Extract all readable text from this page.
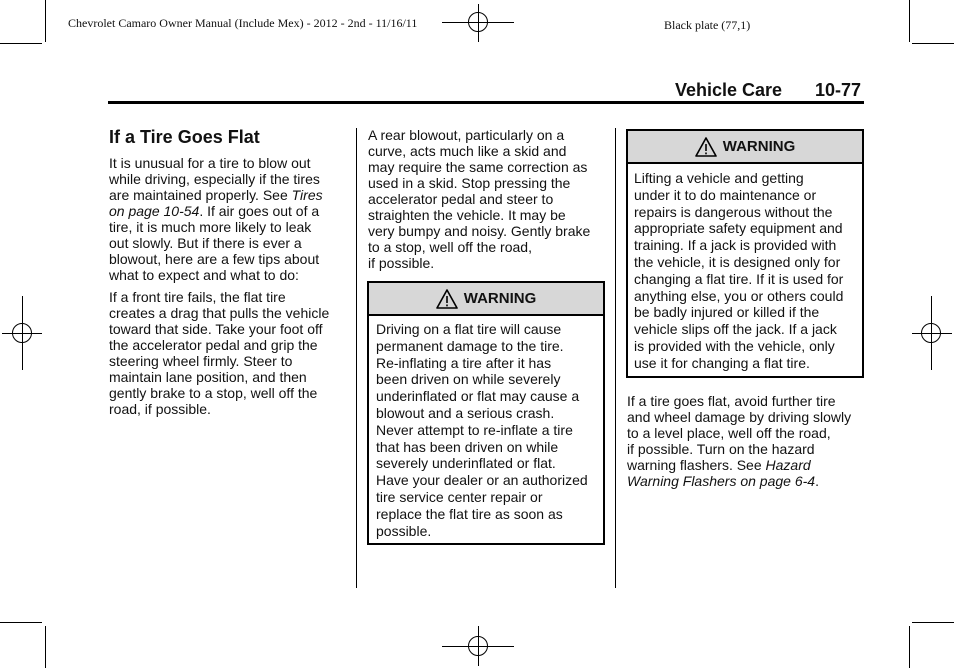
Chevrolet Camaro Owner Manual (Include Mex) - 2012 - 2nd - 11/16/11	Black plate (77,1)
Vehicle Care 10-77
If a Tire Goes Flat
It is unusual for a tire to blow out
while driving, especially if the tires
are maintained properly. See Tires
on page 10-54. If air goes out of a
tire, it is much more likely to leak
out slowly. But if there is ever a
blowout, here are a few tips about
what to expect and what to do:
If a front tire fails, the flat tire
creates a drag that pulls the vehicle
toward that side. Take your foot off
the accelerator pedal and grip the
steering wheel firmly. Steer to
maintain lane position, and then
gently brake to a stop, well off the
road, if possible.
A rear blowout, particularly on a
curve, acts much like a skid and
may require the same correction as
used in a skid. Stop pressing the
accelerator pedal and steer to
straighten the vehicle. It may be
very bumpy and noisy. Gently brake
to a stop, well off the road,
if possible.
WARNING
Driving on a flat tire will cause
permanent damage to the tire.
Re-inflating a tire after it has
been driven on while severely
underinflated or flat may cause a
blowout and a serious crash.
Never attempt to re-inflate a tire
that has been driven on while
severely underinflated or flat.
Have your dealer or an authorized
tire service center repair or
replace the flat tire as soon as
possible.
WARNING
Lifting a vehicle and getting
under it to do maintenance or
repairs is dangerous without the
appropriate safety equipment and
training. If a jack is provided with
the vehicle, it is designed only for
changing a flat tire. If it is used for
anything else, you or others could
be badly injured or killed if the
vehicle slips off the jack. If a jack
is provided with the vehicle, only
use it for changing a flat tire.
If a tire goes flat, avoid further tire
and wheel damage by driving slowly
to a level place, well off the road,
if possible. Turn on the hazard
warning flashers. See Hazard
Warning Flashers on page 6-4.
